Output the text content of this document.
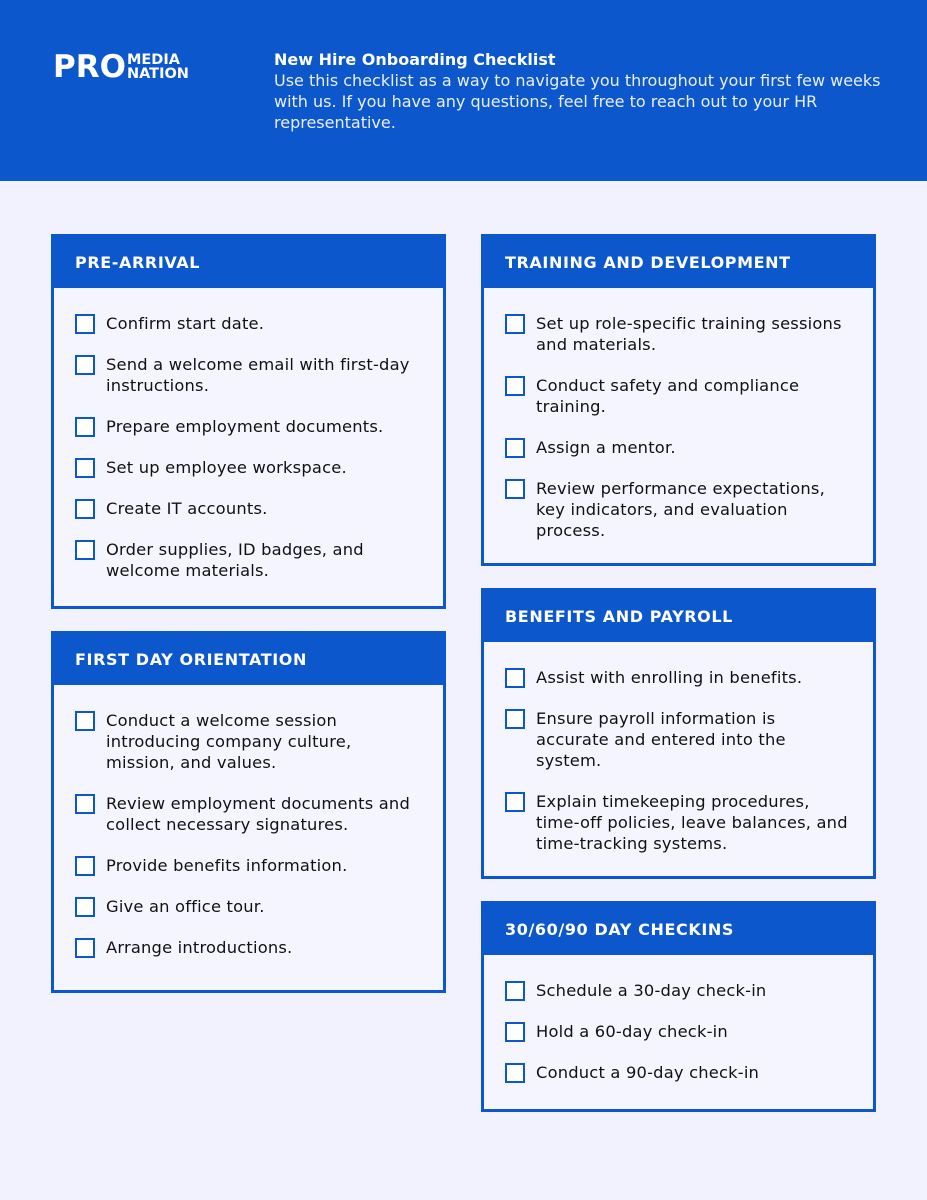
PRO MEDIA
NATION
New Hire Onboarding Checklist
Use this checklist as a way to navigate you throughout your first few weeks with us. If you have any questions, feel free to reach out to your HR representative.
PRE-ARRIVAL
Confirm start date.
Send a welcome email with first-day instructions.
Prepare employment documents.
Set up employee workspace.
Create IT accounts.
Order supplies, ID badges, and welcome materials.
FIRST DAY ORIENTATION
Conduct a welcome session introducing company culture, mission, and values.
Review employment documents and collect necessary signatures.
Provide benefits information.
Give an office tour.
Arrange introductions.
TRAINING AND DEVELOPMENT
Set up role-specific training sessions and materials.
Conduct safety and compliance training.
Assign a mentor.
Review performance expectations, key indicators, and evaluation process.
BENEFITS AND PAYROLL
Assist with enrolling in benefits.
Ensure payroll information is accurate and entered into the system.
Explain timekeeping procedures, time-off policies, leave balances, and time-tracking systems.
30/60/90 DAY CHECKINS
Schedule a 30-day check-in
Hold a 60-day check-in
Conduct a 90-day check-in
